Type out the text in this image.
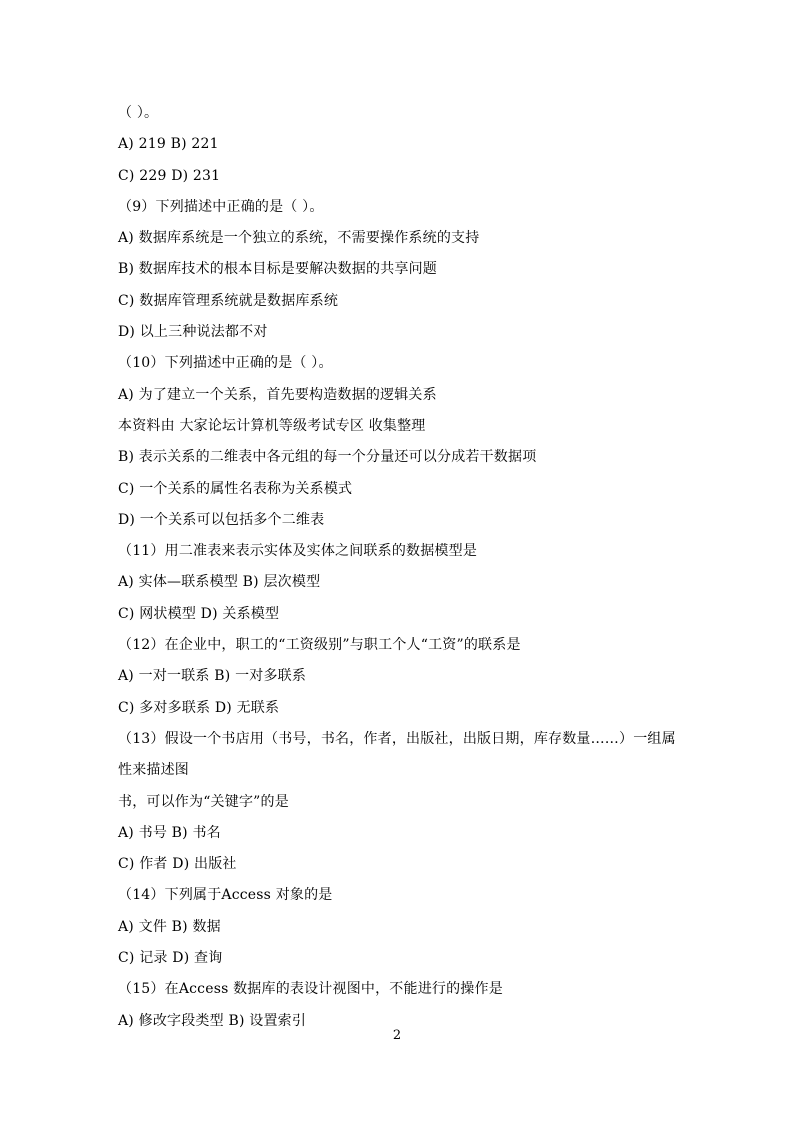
（ ）。
A) 219 B) 221
C) 229 D) 231
（9）下列描述中正确的是（ ）。
A) 数据库系统是一个独立的系统，不需要操作系统的支持
B) 数据库技术的根本目标是要解决数据的共享问题
C) 数据库管理系统就是数据库系统
D) 以上三种说法都不对
（10）下列描述中正确的是（ ）。
A) 为了建立一个关系，首先要构造数据的逻辑关系
本资料由 大家论坛计算机等级考试专区 收集整理
B) 表示关系的二维表中各元组的每一个分量还可以分成若干数据项
C) 一个关系的属性名表称为关系模式
D) 一个关系可以包括多个二维表
（11）用二准表来表示实体及实体之间联系的数据模型是
A) 实体—联系模型 B) 层次模型
C) 网状模型 D) 关系模型
（12）在企业中，职工的“工资级别”与职工个人“工资”的联系是
A) 一对一联系 B) 一对多联系
C) 多对多联系 D) 无联系
（13）假设一个书店用（书号，书名，作者，出版社，出版日期，库存数量……）一组属
性来描述图
书，可以作为“关键字”的是
A) 书号 B) 书名
C) 作者 D) 出版社
（14）下列属于Access 对象的是
A) 文件 B) 数据
C) 记录 D) 查询
（15）在Access 数据库的表设计视图中，不能进行的操作是
A) 修改字段类型 B) 设置索引
2
